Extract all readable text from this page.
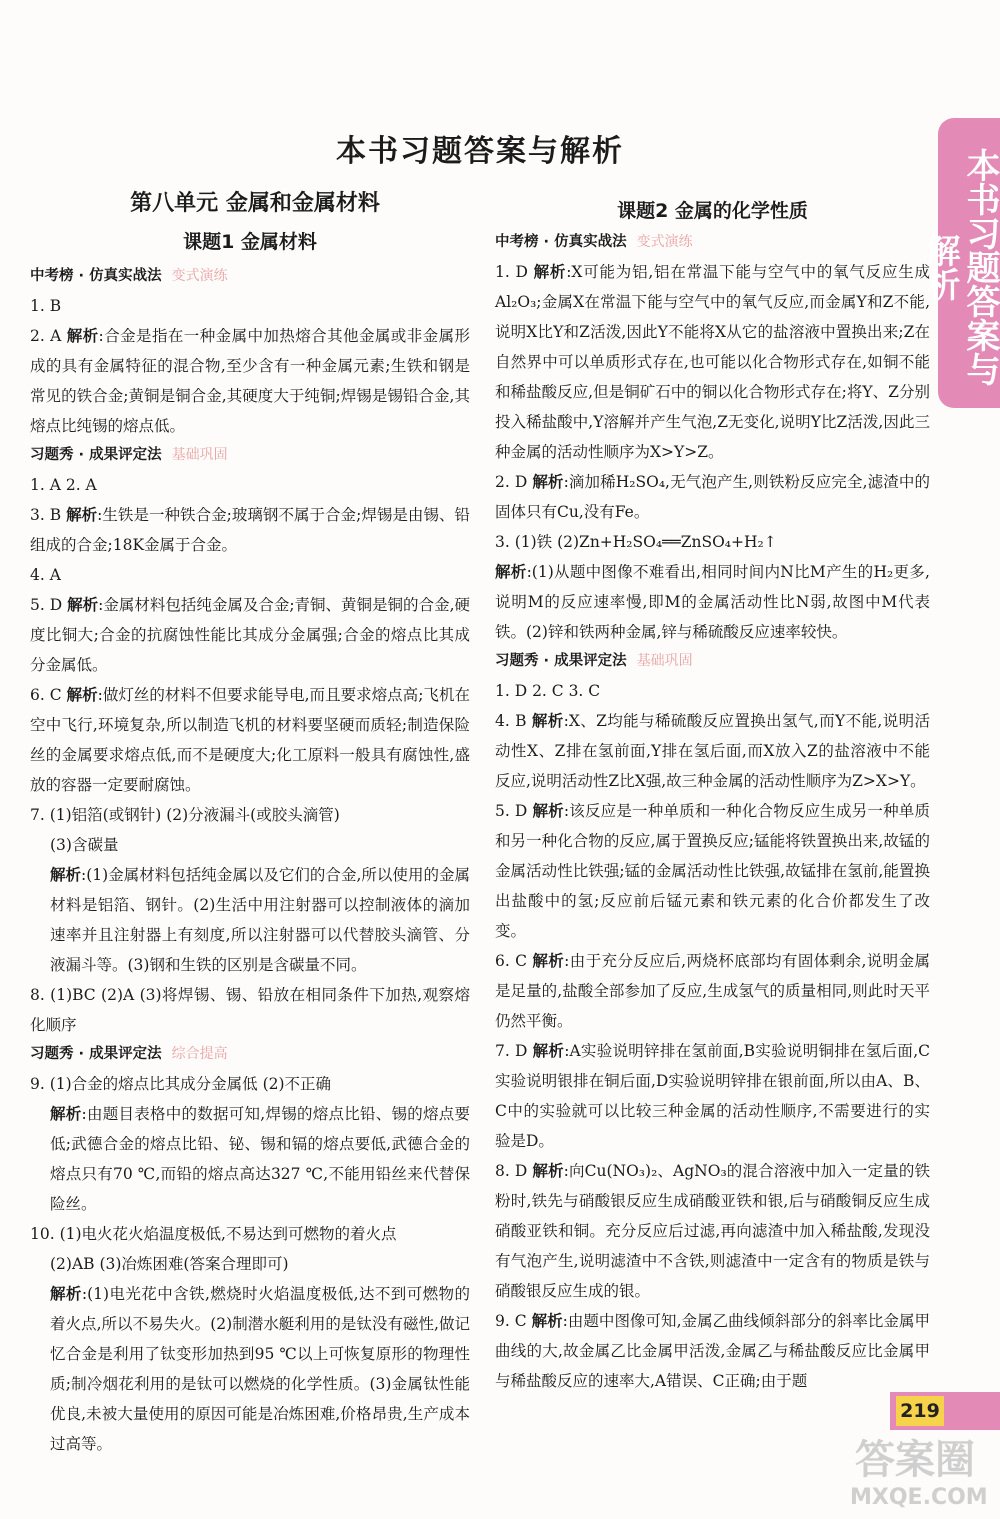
本书习题答案与解析	本书习题答案与解析
第八单元 金属和金属材料
课题1 金属材料
中考榜 · 仿真实战法 变式演练

1. B

2. A 解析:合金是指在一种金属中加热熔合其他金属或非金属形成的具有金属特征的混合物,至少含有一种金属元素;生铁和钢是常见的铁合金;黄铜是铜合金,其硬度大于纯铜;焊锡是锡铅合金,其熔点比纯锡的熔点低。

习题秀 · 成果评定法 基础巩固

1. A 2. A

3. B 解析:生铁是一种铁合金;玻璃钢不属于合金;焊锡是由锡、铅组成的合金;18K金属于合金。

4. A

5. D 解析:金属材料包括纯金属及合金;青铜、黄铜是铜的合金,硬度比铜大;合金的抗腐蚀性能比其成分金属强;合金的熔点比其成分金属低。

6. C 解析:做灯丝的材料不但要求能导电,而且要求熔点高;飞机在空中飞行,环境复杂,所以制造飞机的材料要坚硬而质轻;制造保险丝的金属要求熔点低,而不是硬度大;化工原料一般具有腐蚀性,盛放的容器一定要耐腐蚀。

7. (1)铝箔(或钢针) (2)分液漏斗(或胶头滴管)

(3)含碳量

解析:(1)金属材料包括纯金属以及它们的合金,所以使用的金属材料是铝箔、钢针。(2)生活中用注射器可以控制液体的滴加速率并且注射器上有刻度,所以注射器可以代替胶头滴管、分液漏斗等。(3)钢和生铁的区别是含碳量不同。

8. (1)BC (2)A (3)将焊锡、锡、铅放在相同条件下加热,观察熔化顺序

习题秀 · 成果评定法 综合提高

9. (1)合金的熔点比其成分金属低 (2)不正确

解析:由题目表格中的数据可知,焊锡的熔点比铅、锡的熔点要低;武德合金的熔点比铅、铋、锡和镉的熔点要低,武德合金的熔点只有70 ℃,而铅的熔点高达327 ℃,不能用铅丝来代替保险丝。

10. (1)电火花火焰温度极低,不易达到可燃物的着火点

(2)AB (3)冶炼困难(答案合理即可)

解析:(1)电光花中含铁,燃烧时火焰温度极低,达不到可燃物的着火点,所以不易失火。(2)制潜水艇利用的是钛没有磁性,做记忆合金是利用了钛变形加热到95 ℃以上可恢复原形的物理性质;制冷烟花利用的是钛可以燃烧的化学性质。(3)金属钛性能优良,未被大量使用的原因可能是冶炼困难,价格昂贵,生产成本过高等。

课题2 金属的化学性质
中考榜 · 仿真实战法 变式演练

1. D 解析:X可能为铝,铝在常温下能与空气中的氧气反应生成Al₂O₃;金属X在常温下能与空气中的氧气反应,而金属Y和Z不能,说明X比Y和Z活泼,因此Y不能将X从它的盐溶液中置换出来;Z在自然界中可以单质形式存在,也可能以化合物形式存在,如铜不能和稀盐酸反应,但是铜矿石中的铜以化合物形式存在;将Y、Z分别投入稀盐酸中,Y溶解并产生气泡,Z无变化,说明Y比Z活泼,因此三种金属的活动性顺序为X>Y>Z。

2. D 解析:滴加稀H₂SO₄,无气泡产生,则铁粉反应完全,滤渣中的固体只有Cu,没有Fe。

3. (1)铁 (2)Zn+H₂SO₄══ZnSO₄+H₂↑

解析:(1)从题中图像不难看出,相同时间内N比M产生的H₂更多,说明M的反应速率慢,即M的金属活动性比N弱,故图中M代表铁。(2)锌和铁两种金属,锌与稀硫酸反应速率较快。

习题秀 · 成果评定法 基础巩固

1. D 2. C 3. C

4. B 解析:X、Z均能与稀硫酸反应置换出氢气,而Y不能,说明活动性X、Z排在氢前面,Y排在氢后面,而X放入Z的盐溶液中不能反应,说明活动性Z比X强,故三种金属的活动性顺序为Z>X>Y。

5. D 解析:该反应是一种单质和一种化合物反应生成另一种单质和另一种化合物的反应,属于置换反应;锰能将铁置换出来,故锰的金属活动性比铁强;锰的金属活动性比铁强,故锰排在氢前,能置换出盐酸中的氢;反应前后锰元素和铁元素的化合价都发生了改变。

6. C 解析:由于充分反应后,两烧杯底部均有固体剩余,说明金属是足量的,盐酸全部参加了反应,生成氢气的质量相同,则此时天平仍然平衡。

7. D 解析:A实验说明锌排在氢前面,B实验说明铜排在氢后面,C实验说明银排在铜后面,D实验说明锌排在银前面,所以由A、B、C中的实验就可以比较三种金属的活动性顺序,不需要进行的实验是D。

8. D 解析:向Cu(NO₃)₂、AgNO₃的混合溶液中加入一定量的铁粉时,铁先与硝酸银反应生成硝酸亚铁和银,后与硝酸铜反应生成硝酸亚铁和铜。充分反应后过滤,再向滤渣中加入稀盐酸,发现没有气泡产生,说明滤渣中不含铁,则滤渣中一定含有的物质是铁与硝酸银反应生成的银。

9. C 解析:由题中图像可知,金属乙曲线倾斜部分的斜率比金属甲曲线的大,故金属乙比金属甲活泼,金属乙与稀盐酸反应比金属甲与稀盐酸反应的速率大,A错误、C正确;由于题

219
答案圈
MXQE.COM
